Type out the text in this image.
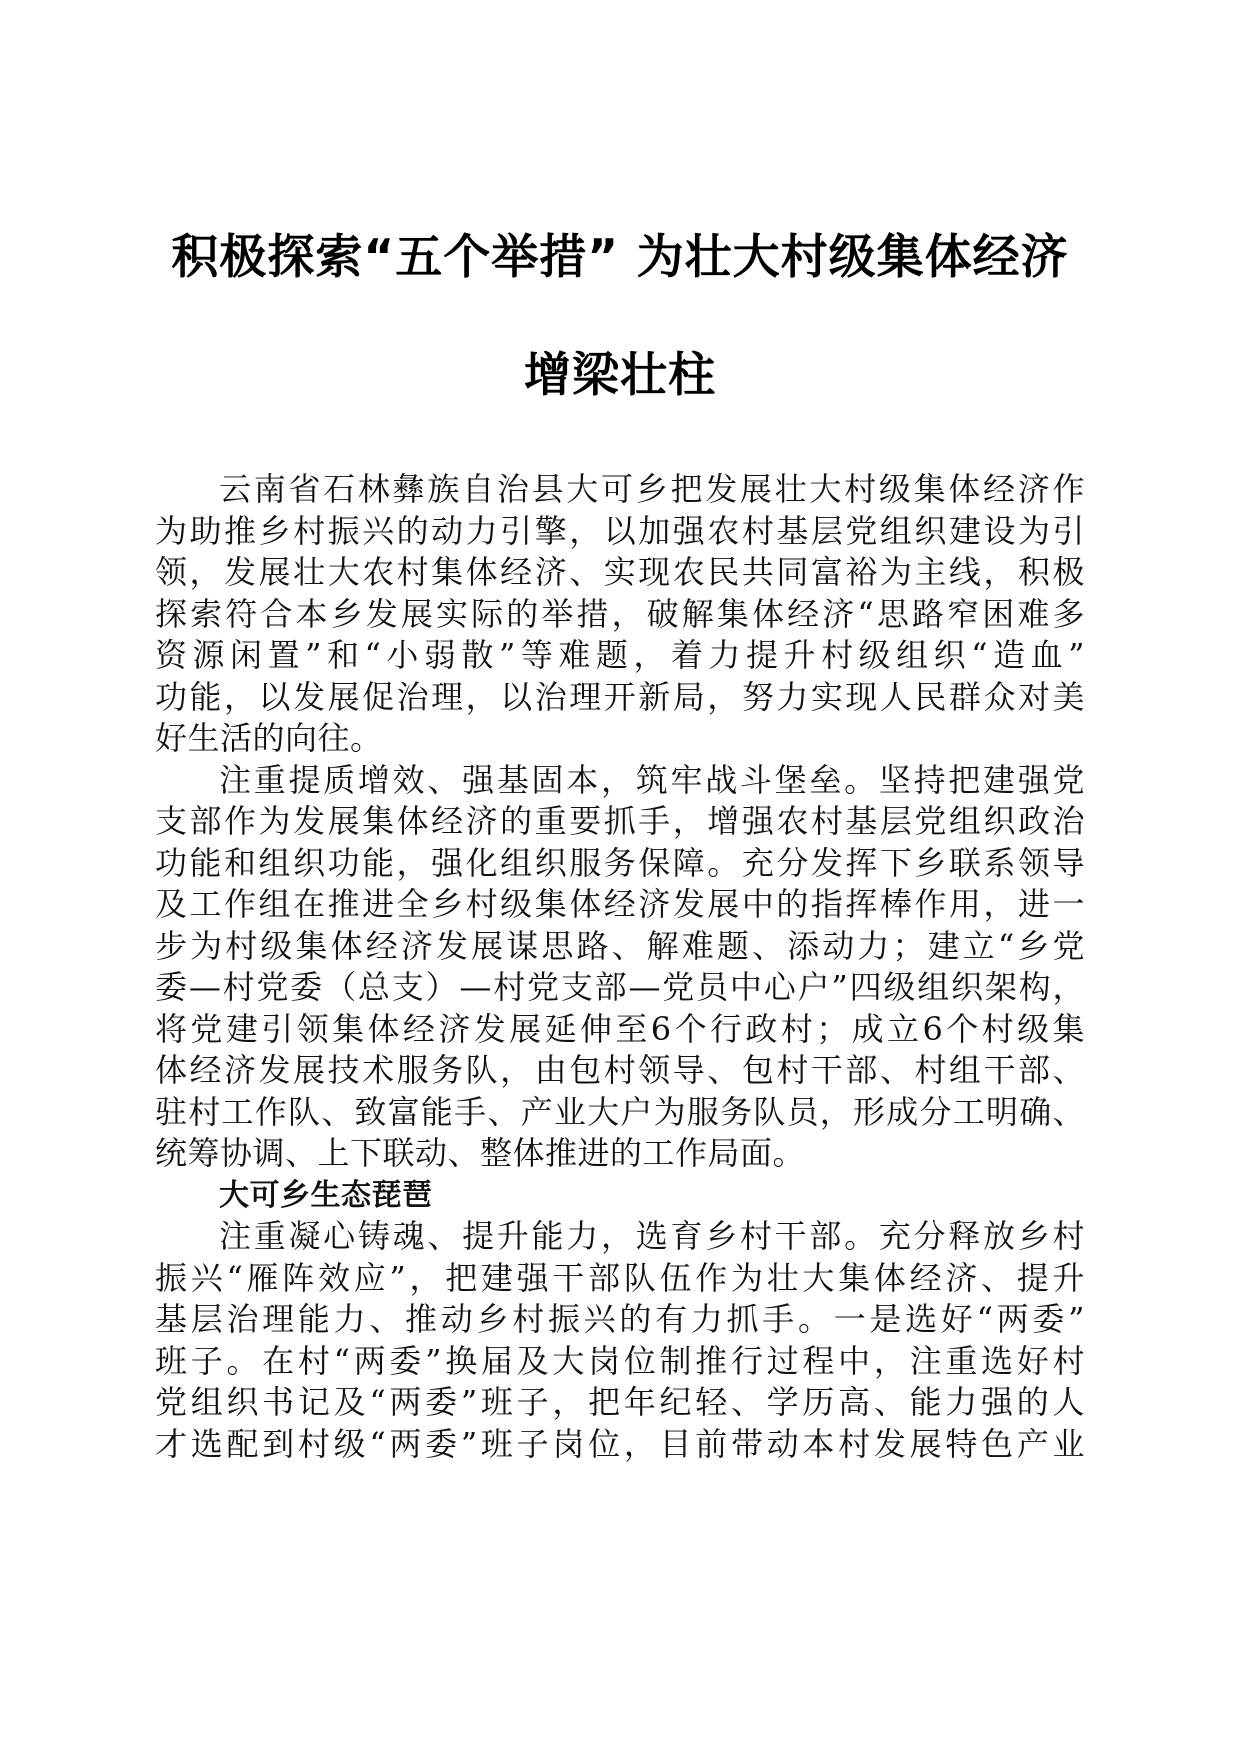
积极探索“五个举措” 为壮大村级集体经济
增梁壮柱
云南省石林彝族自治县大可乡把发展壮大村级集体经济作
为助推乡村振兴的动力引擎，以加强农村基层党组织建设为引
领，发展壮大农村集体经济、实现农民共同富裕为主线，积极
探索符合本乡发展实际的举措，破解集体经济“思路窄困难多
资源闲置”和“小弱散”等难题，着力提升村级组织“造血”
功能，以发展促治理，以治理开新局，努力实现人民群众对美
好生活的向往。
注重提质增效、强基固本，筑牢战斗堡垒。坚持把建强党
支部作为发展集体经济的重要抓手，增强农村基层党组织政治
功能和组织功能，强化组织服务保障。充分发挥下乡联系领导
及工作组在推进全乡村级集体经济发展中的指挥棒作用，进一
步为村级集体经济发展谋思路、解难题、添动力；建立“乡党
委—村党委（总支）—村党支部—党员中心户”四级组织架构，
将党建引领集体经济发展延伸至6个行政村；成立6个村级集
体经济发展技术服务队，由包村领导、包村干部、村组干部、
驻村工作队、致富能手、产业大户为服务队员，形成分工明确、
统筹协调、上下联动、整体推进的工作局面。
大可乡生态琵琶
注重凝心铸魂、提升能力，选育乡村干部。充分释放乡村
振兴“雁阵效应”，把建强干部队伍作为壮大集体经济、提升
基层治理能力、推动乡村振兴的有力抓手。一是选好“两委”
班子。在村“两委”换届及大岗位制推行过程中，注重选好村
党组织书记及“两委”班子，把年纪轻、学历高、能力强的人
才选配到村级“两委”班子岗位，目前带动本村发展特色产业
